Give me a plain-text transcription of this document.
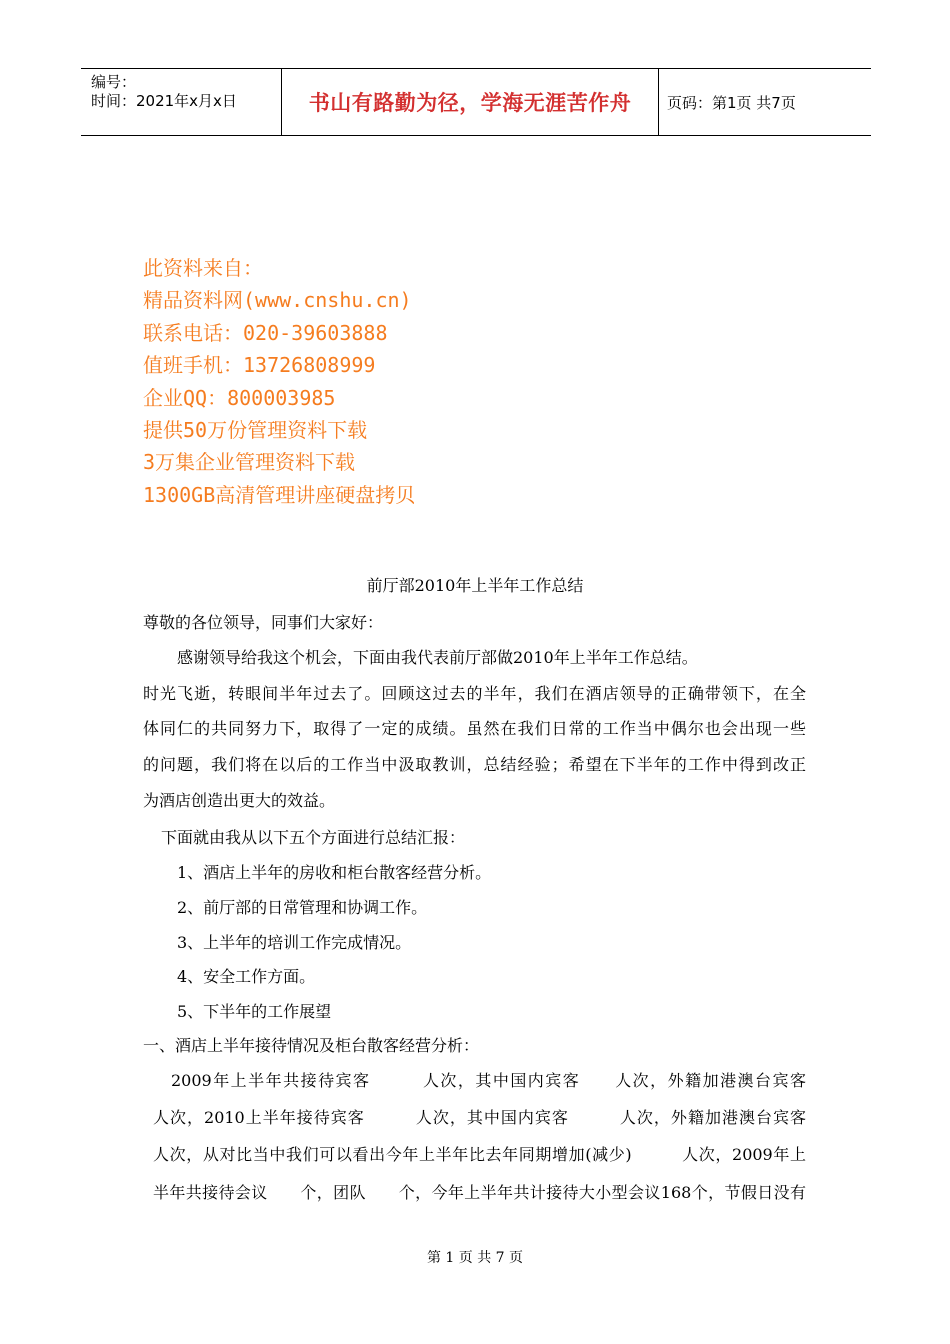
编号：
时间：2021年x月x日	书山有路勤为径，学海无涯苦作舟 页码：第1页 共7页
此资料来自：
精品资料网(www.cnshu.cn)
联系电话：020-39603888
值班手机：13726808999
企业QQ：800003985
提供50万份管理资料下载
3万集企业管理资料下载
1300GB高清管理讲座硬盘拷贝
前厅部2010年上半年工作总结
尊敬的各位领导，同事们大家好：
感谢领导给我这个机会，下面由我代表前厅部做2010年上半年工作总结。
时光飞逝，转眼间半年过去了。回顾这过去的半年，我们在酒店领导的正确带领下，在全
体同仁的共同努力下，取得了一定的成绩。虽然在我们日常的工作当中偶尔也会出现一些
的问题，我们将在以后的工作当中汲取教训，总结经验；希望在下半年的工作中得到改正
为酒店创造出更大的效益。
下面就由我从以下五个方面进行总结汇报：
1、酒店上半年的房收和柜台散客经营分析。
2、前厅部的日常管理和协调工作。
3、上半年的培训工作完成情况。
4、安全工作方面。
5、下半年的工作展望
一、酒店上半年接待情况及柜台散客经营分析：
2009年上半年共接待宾客　　　人次，其中国内宾客　　人次，外籍加港澳台宾客
人次，2010上半年接待宾客　　　人次，其中国内宾客　　　人次，外籍加港澳台宾客
人次，从对比当中我们可以看出今年上半年比去年同期增加(减少)　　　人次，2009年上
半年共接待会议　　个，团队　　个，今年上半年共计接待大小型会议168个，节假日没有
第 1 页 共 7 页
